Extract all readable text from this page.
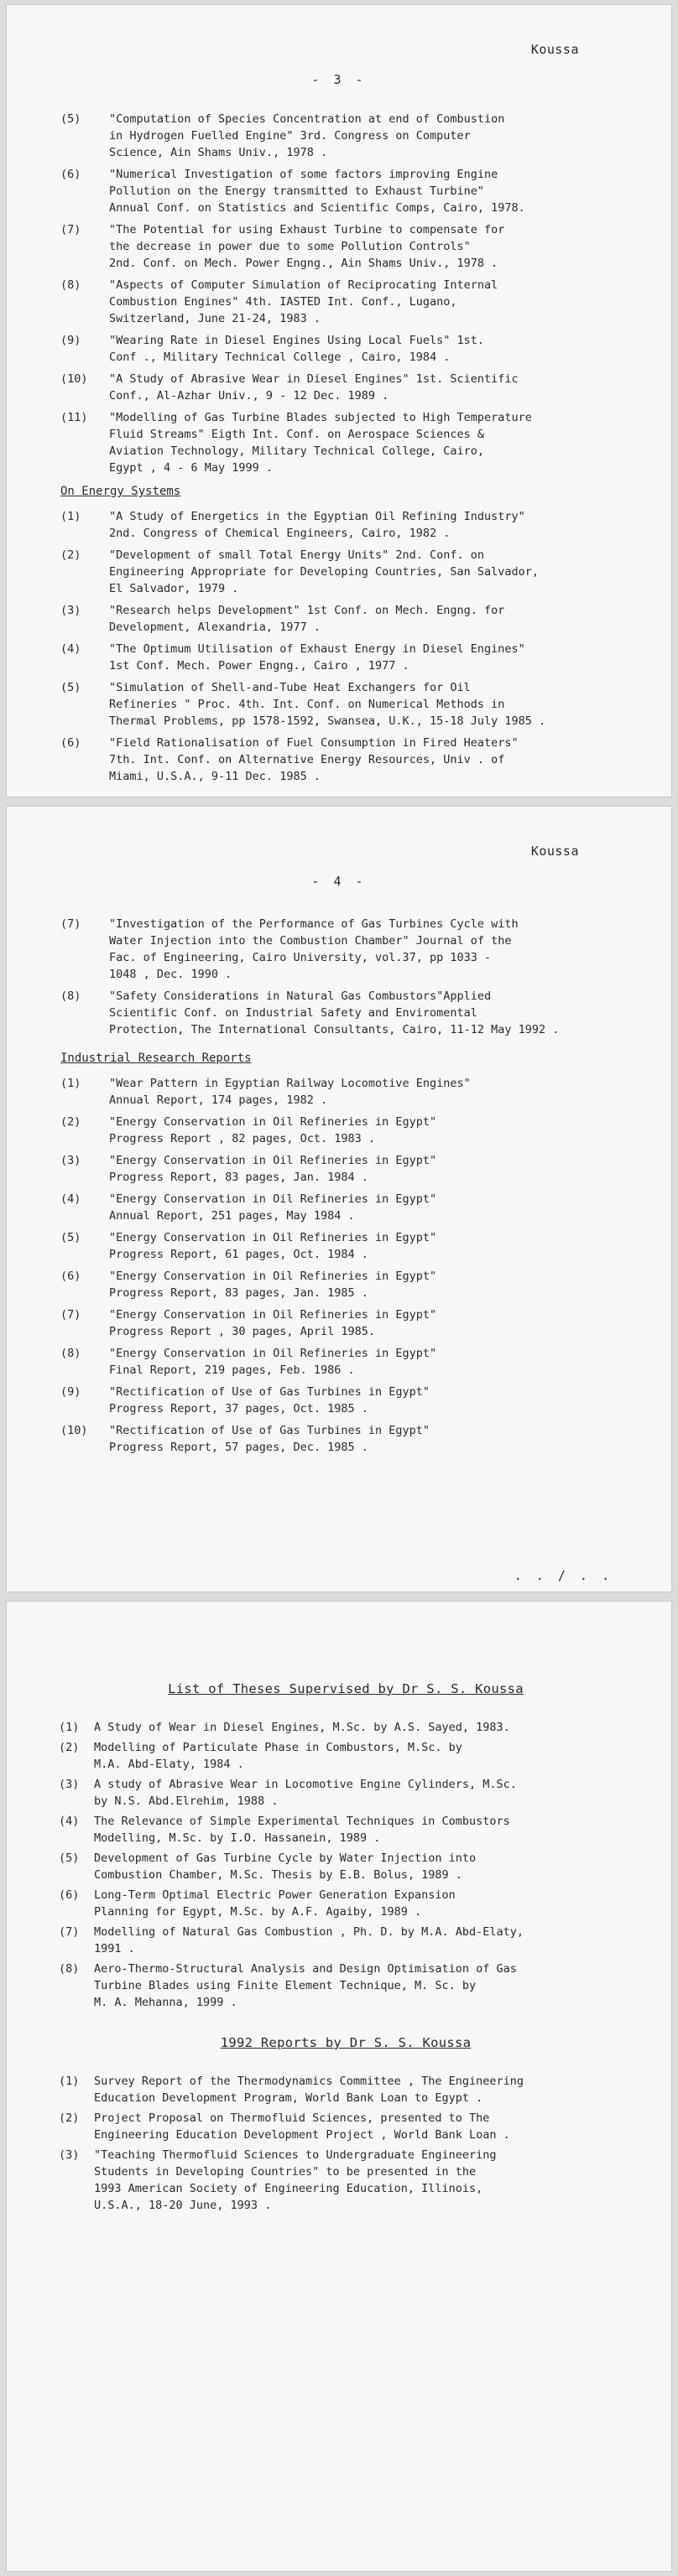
Koussa
- 3 -
(5)	"Computation of Species Concentration at end of Combustion
in Hydrogen Fuelled Engine" 3rd. Congress on Computer
Science, Ain Shams Univ., 1978 .
(6)	"Numerical Investigation of some factors improving Engine
Pollution on the Energy transmitted to Exhaust Turbine"
Annual Conf. on Statistics and Scientific Comps, Cairo, 1978.
(7)	"The Potential for using Exhaust Turbine to compensate for
the decrease in power due to some Pollution Controls"
2nd. Conf. on Mech. Power Engng., Ain Shams Univ., 1978 .
(8)	"Aspects of Computer Simulation of Reciprocating Internal
Combustion Engines" 4th. IASTED Int. Conf., Lugano,
Switzerland, June 21-24, 1983 .
(9)	"Wearing Rate in Diesel Engines Using Local Fuels" 1st.
Conf ., Military Technical College , Cairo, 1984 .
(10)	"A Study of Abrasive Wear in Diesel Engines" 1st. Scientific
Conf., Al-Azhar Univ., 9 - 12 Dec. 1989 .
(11)	"Modelling of Gas Turbine Blades subjected to High Temperature
Fluid Streams" Eigth Int. Conf. on Aerospace Sciences &
Aviation Technology, Military Technical College, Cairo,
Egypt , 4 - 6 May 1999 .
On Energy Systems
(1)	"A Study of Energetics in the Egyptian Oil Refining Industry"
2nd. Congress of Chemical Engineers, Cairo, 1982 .
(2)	"Development of small Total Energy Units" 2nd. Conf. on
Engineering Appropriate for Developing Countries, San Salvador,
El Salvador, 1979 .
(3)	"Research helps Development" 1st Conf. on Mech. Engng. for
Development, Alexandria, 1977 .
(4)	"The Optimum Utilisation of Exhaust Energy in Diesel Engines"
1st Conf. Mech. Power Engng., Cairo , 1977 .
(5)	"Simulation of Shell-and-Tube Heat Exchangers for Oil
Refineries " Proc. 4th. Int. Conf. on Numerical Methods in
Thermal Problems, pp 1578-1592, Swansea, U.K., 15-18 July 1985 .
(6)	"Field Rationalisation of Fuel Consumption in Fired Heaters"
7th. Int. Conf. on Alternative Energy Resources, Univ . of
Miami, U.S.A., 9-11 Dec. 1985 .
Koussa
- 4 -
(7)	"Investigation of the Performance of Gas Turbines Cycle with
Water Injection into the Combustion Chamber" Journal of the
Fac. of Engineering, Cairo University, vol.37, pp 1033 -
1048 , Dec. 1990 .
(8)	"Safety Considerations in Natural Gas Combustors"Applied
Scientific Conf. on Industrial Safety and Enviromental
Protection, The International Consultants, Cairo, 11-12 May 1992 .
Industrial Research Reports
(1)	"Wear Pattern in Egyptian Railway Locomotive Engines"
Annual Report, 174 pages, 1982 .
(2)	"Energy Conservation in Oil Refineries in Egypt"
Progress Report , 82 pages, Oct. 1983 .
(3)	"Energy Conservation in Oil Refineries in Egypt"
Progress Report, 83 pages, Jan. 1984 .
(4)	"Energy Conservation in Oil Refineries in Egypt"
Annual Report, 251 pages, May 1984 .
(5)	"Energy Conservation in Oil Refineries in Egypt"
Progress Report, 61 pages, Oct. 1984 .
(6)	"Energy Conservation in Oil Refineries in Egypt"
Progress Report, 83 pages, Jan. 1985 .
(7)	"Energy Conservation in Oil Refineries in Egypt"
Progress Report , 30 pages, April 1985.
(8)	"Energy Conservation in Oil Refineries in Egypt"
Final Report, 219 pages, Feb. 1986 .
(9)	"Rectification of Use of Gas Turbines in Egypt"
Progress Report, 37 pages, Oct. 1985 .
(10)	"Rectification of Use of Gas Turbines in Egypt"
Progress Report, 57 pages, Dec. 1985 .
. . / . .
List of Theses Supervised by Dr S. S. Koussa
(1)	A Study of Wear in Diesel Engines, M.Sc. by A.S. Sayed, 1983.
(2)	Modelling of Particulate Phase in Combustors, M.Sc. by
M.A. Abd-Elaty, 1984 .
(3)	A study of Abrasive Wear in Locomotive Engine Cylinders, M.Sc.
by N.S. Abd.Elrehim, 1988 .
(4)	The Relevance of Simple Experimental Techniques in Combustors
Modelling, M.Sc. by I.O. Hassanein, 1989 .
(5)	Development of Gas Turbine Cycle by Water Injection into
Combustion Chamber, M.Sc. Thesis by E.B. Bolus, 1989 .
(6)	Long-Term Optimal Electric Power Generation Expansion
Planning for Egypt, M.Sc. by A.F. Agaiby, 1989 .
(7)	Modelling of Natural Gas Combustion , Ph. D. by M.A. Abd-Elaty,
1991 .
(8)	Aero-Thermo-Structural Analysis and Design Optimisation of Gas
Turbine Blades using Finite Element Technique, M. Sc. by
M. A. Mehanna, 1999 .
1992 Reports by Dr S. S. Koussa
(1)	Survey Report of the Thermodynamics Committee , The Engineering
Education Development Program, World Bank Loan to Egypt .
(2)	Project Proposal on Thermofluid Sciences, presented to The
Engineering Education Development Project , World Bank Loan .
(3)	"Teaching Thermofluid Sciences to Undergraduate Engineering
Students in Developing Countries" to be presented in the
1993 American Society of Engineering Education, Illinois,
U.S.A., 18-20 June, 1993 .
